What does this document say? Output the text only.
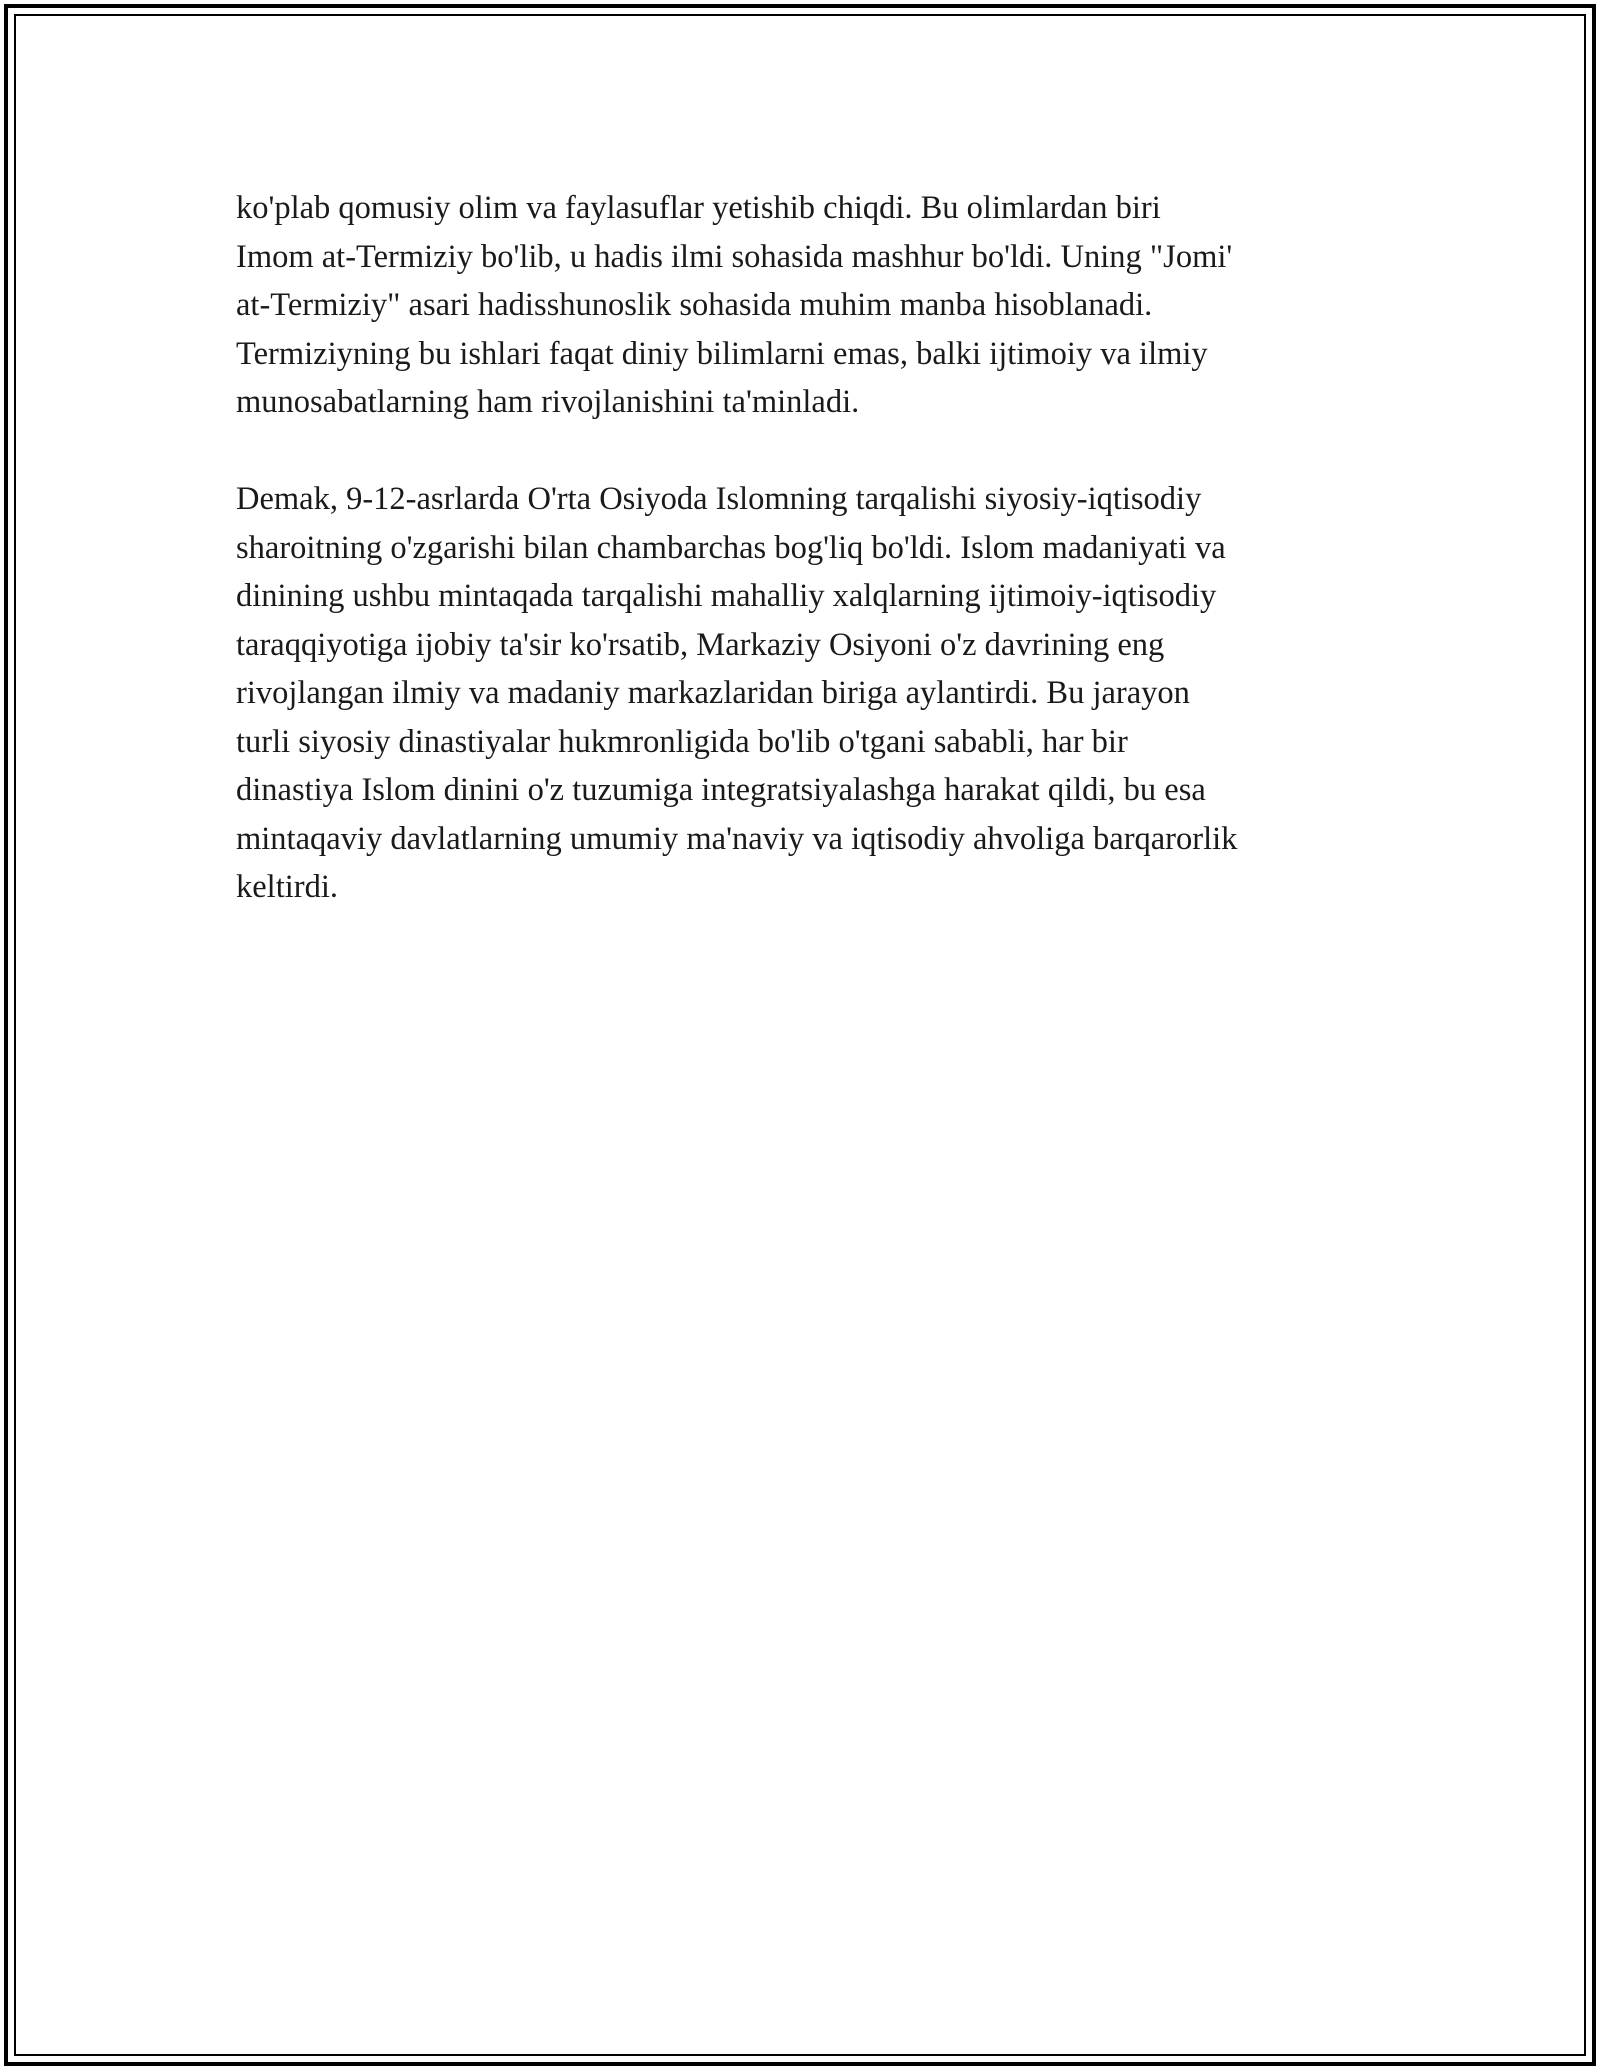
ko'plab qomusiy olim va faylasuflar yetishib chiqdi. Bu olimlardan biri
Imom at-Termiziy bo'lib, u hadis ilmi sohasida mashhur bo'ldi. Uning "Jomi'
at-Termiziy" asari hadisshunoslik sohasida muhim manba hisoblanadi.
Termiziyning bu ishlari faqat diniy bilimlarni emas, balki ijtimoiy va ilmiy
munosabatlarning ham rivojlanishini ta'minladi.

Demak, 9-12-asrlarda O'rta Osiyoda Islomning tarqalishi siyosiy-iqtisodiy
sharoitning o'zgarishi bilan chambarchas bog'liq bo'ldi. Islom madaniyati va
dinining ushbu mintaqada tarqalishi mahalliy xalqlarning ijtimoiy-iqtisodiy
taraqqiyotiga ijobiy ta'sir ko'rsatib, Markaziy Osiyoni o'z davrining eng
rivojlangan ilmiy va madaniy markazlaridan biriga aylantirdi. Bu jarayon
turli siyosiy dinastiyalar hukmronligida bo'lib o'tgani sababli, har bir
dinastiya Islom dinini o'z tuzumiga integratsiyalashga harakat qildi, bu esa
mintaqaviy davlatlarning umumiy ma'naviy va iqtisodiy ahvoliga barqarorlik
keltirdi.
